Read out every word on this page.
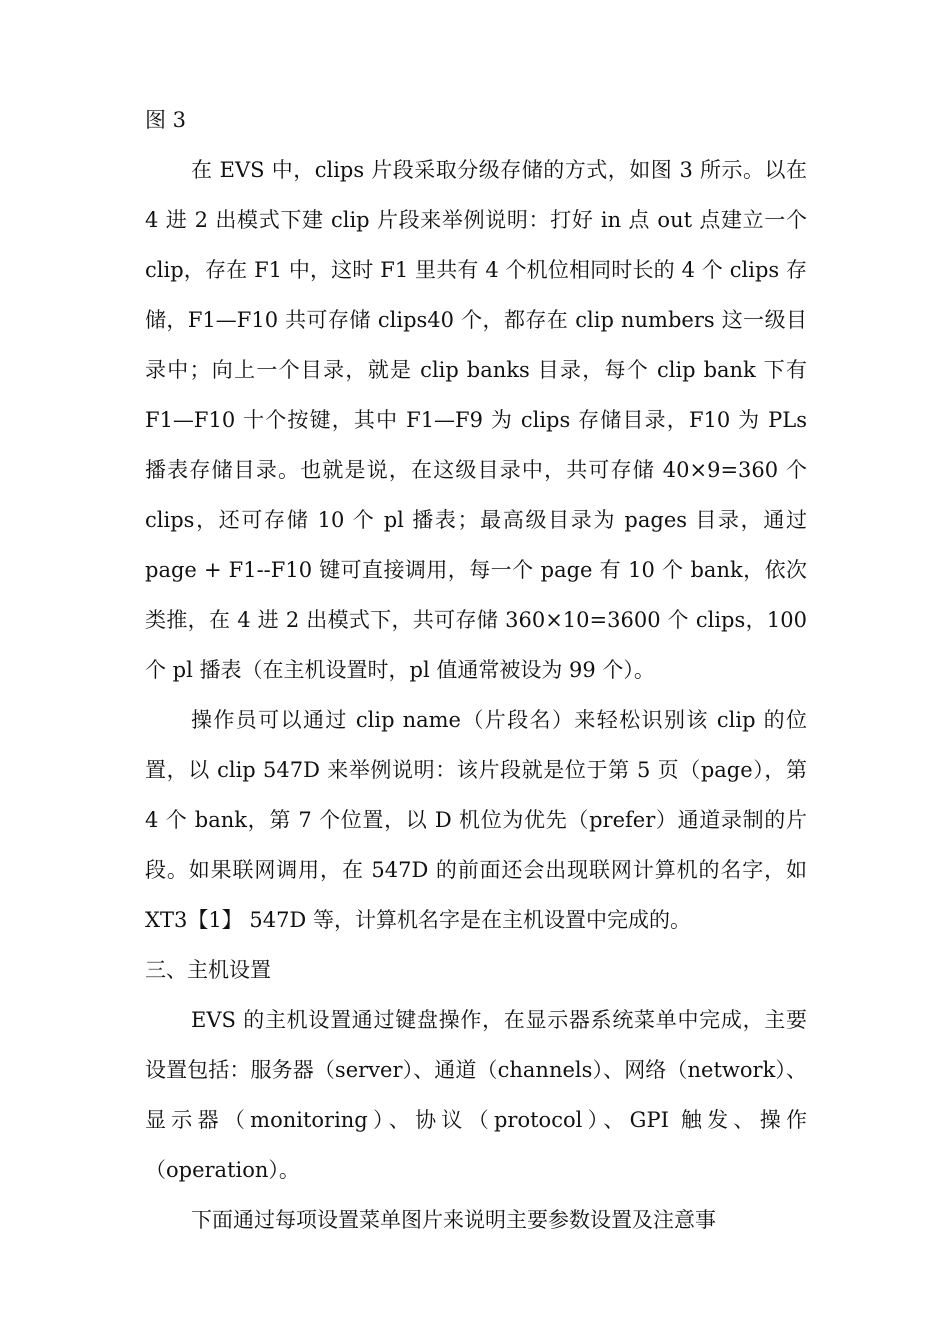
图 3

在 EVS 中，clips 片段采取分级存储的方式，如图 3 所示。以在 4 进 2 出模式下建 clip 片段来举例说明：打好 in 点 out 点建立一个 clip，存在 F1 中，这时 F1 里共有 4 个机位相同时长的 4 个 clips 存储，F1—F10 共可存储 clips40 个，都存在 clip numbers 这一级目录中；向上一个目录，就是 clip banks 目录，每个 clip bank 下有 F1—F10 十个按键，其中 F1—F9 为 clips 存储目录，F10 为 PLs 播表存储目录。也就是说，在这级目录中，共可存储 40×9=360 个 clips，还可存储 10 个 pl 播表；最高级目录为 pages 目录，通过 page + F1--F10 键可直接调用，每一个 page 有 10 个 bank，依次类推，在 4 进 2 出模式下，共可存储 360×10=3600 个 clips，100 个 pl 播表（在主机设置时，pl 值通常被设为 99 个）。

操作员可以通过 clip name（片段名）来轻松识别该 clip 的位置，以 clip 547D 来举例说明：该片段就是位于第 5 页（page），第 4 个 bank，第 7 个位置，以 D 机位为优先（prefer）通道录制的片段。如果联网调用，在 547D 的前面还会出现联网计算机的名字，如 XT3【1】 547D 等，计算机名字是在主机设置中完成的。

三、主机设置

EVS 的主机设置通过键盘操作，在显示器系统菜单中完成，主要设置包括：服务器（server）、通道（channels）、网络（network）、显示器（monitoring）、协议（protocol）、GPI 触发、操作（operation）。

下面通过每项设置菜单图片来说明主要参数设置及注意事
